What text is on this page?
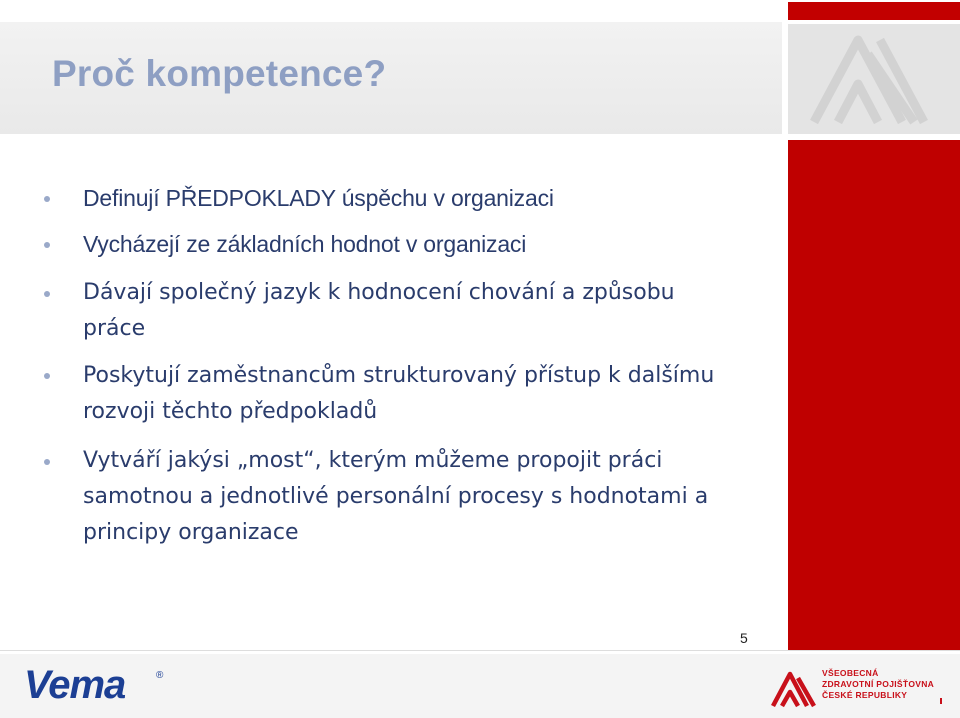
Proč kompetence?

Definují PŘEDPOKLADY úspěchu v organizaci

Vycházejí ze základních hodnot v organizaci

Dávají společný jazyk k hodnocení chování a způsobu
práce

Poskytují zaměstnancům strukturovaný přístup k dalšímu
rozvoji těchto předpokladů

Vytváří jakýsi „most“, kterým můžeme propojit práci
samotnou a jednotlivé personální procesy s hodnotami a
principy organizace

5
Vema	®	VŠEOBECNÁ
ZDRAVOTNÍ POJIŠŤOVNA
ČESKÉ REPUBLIKY
